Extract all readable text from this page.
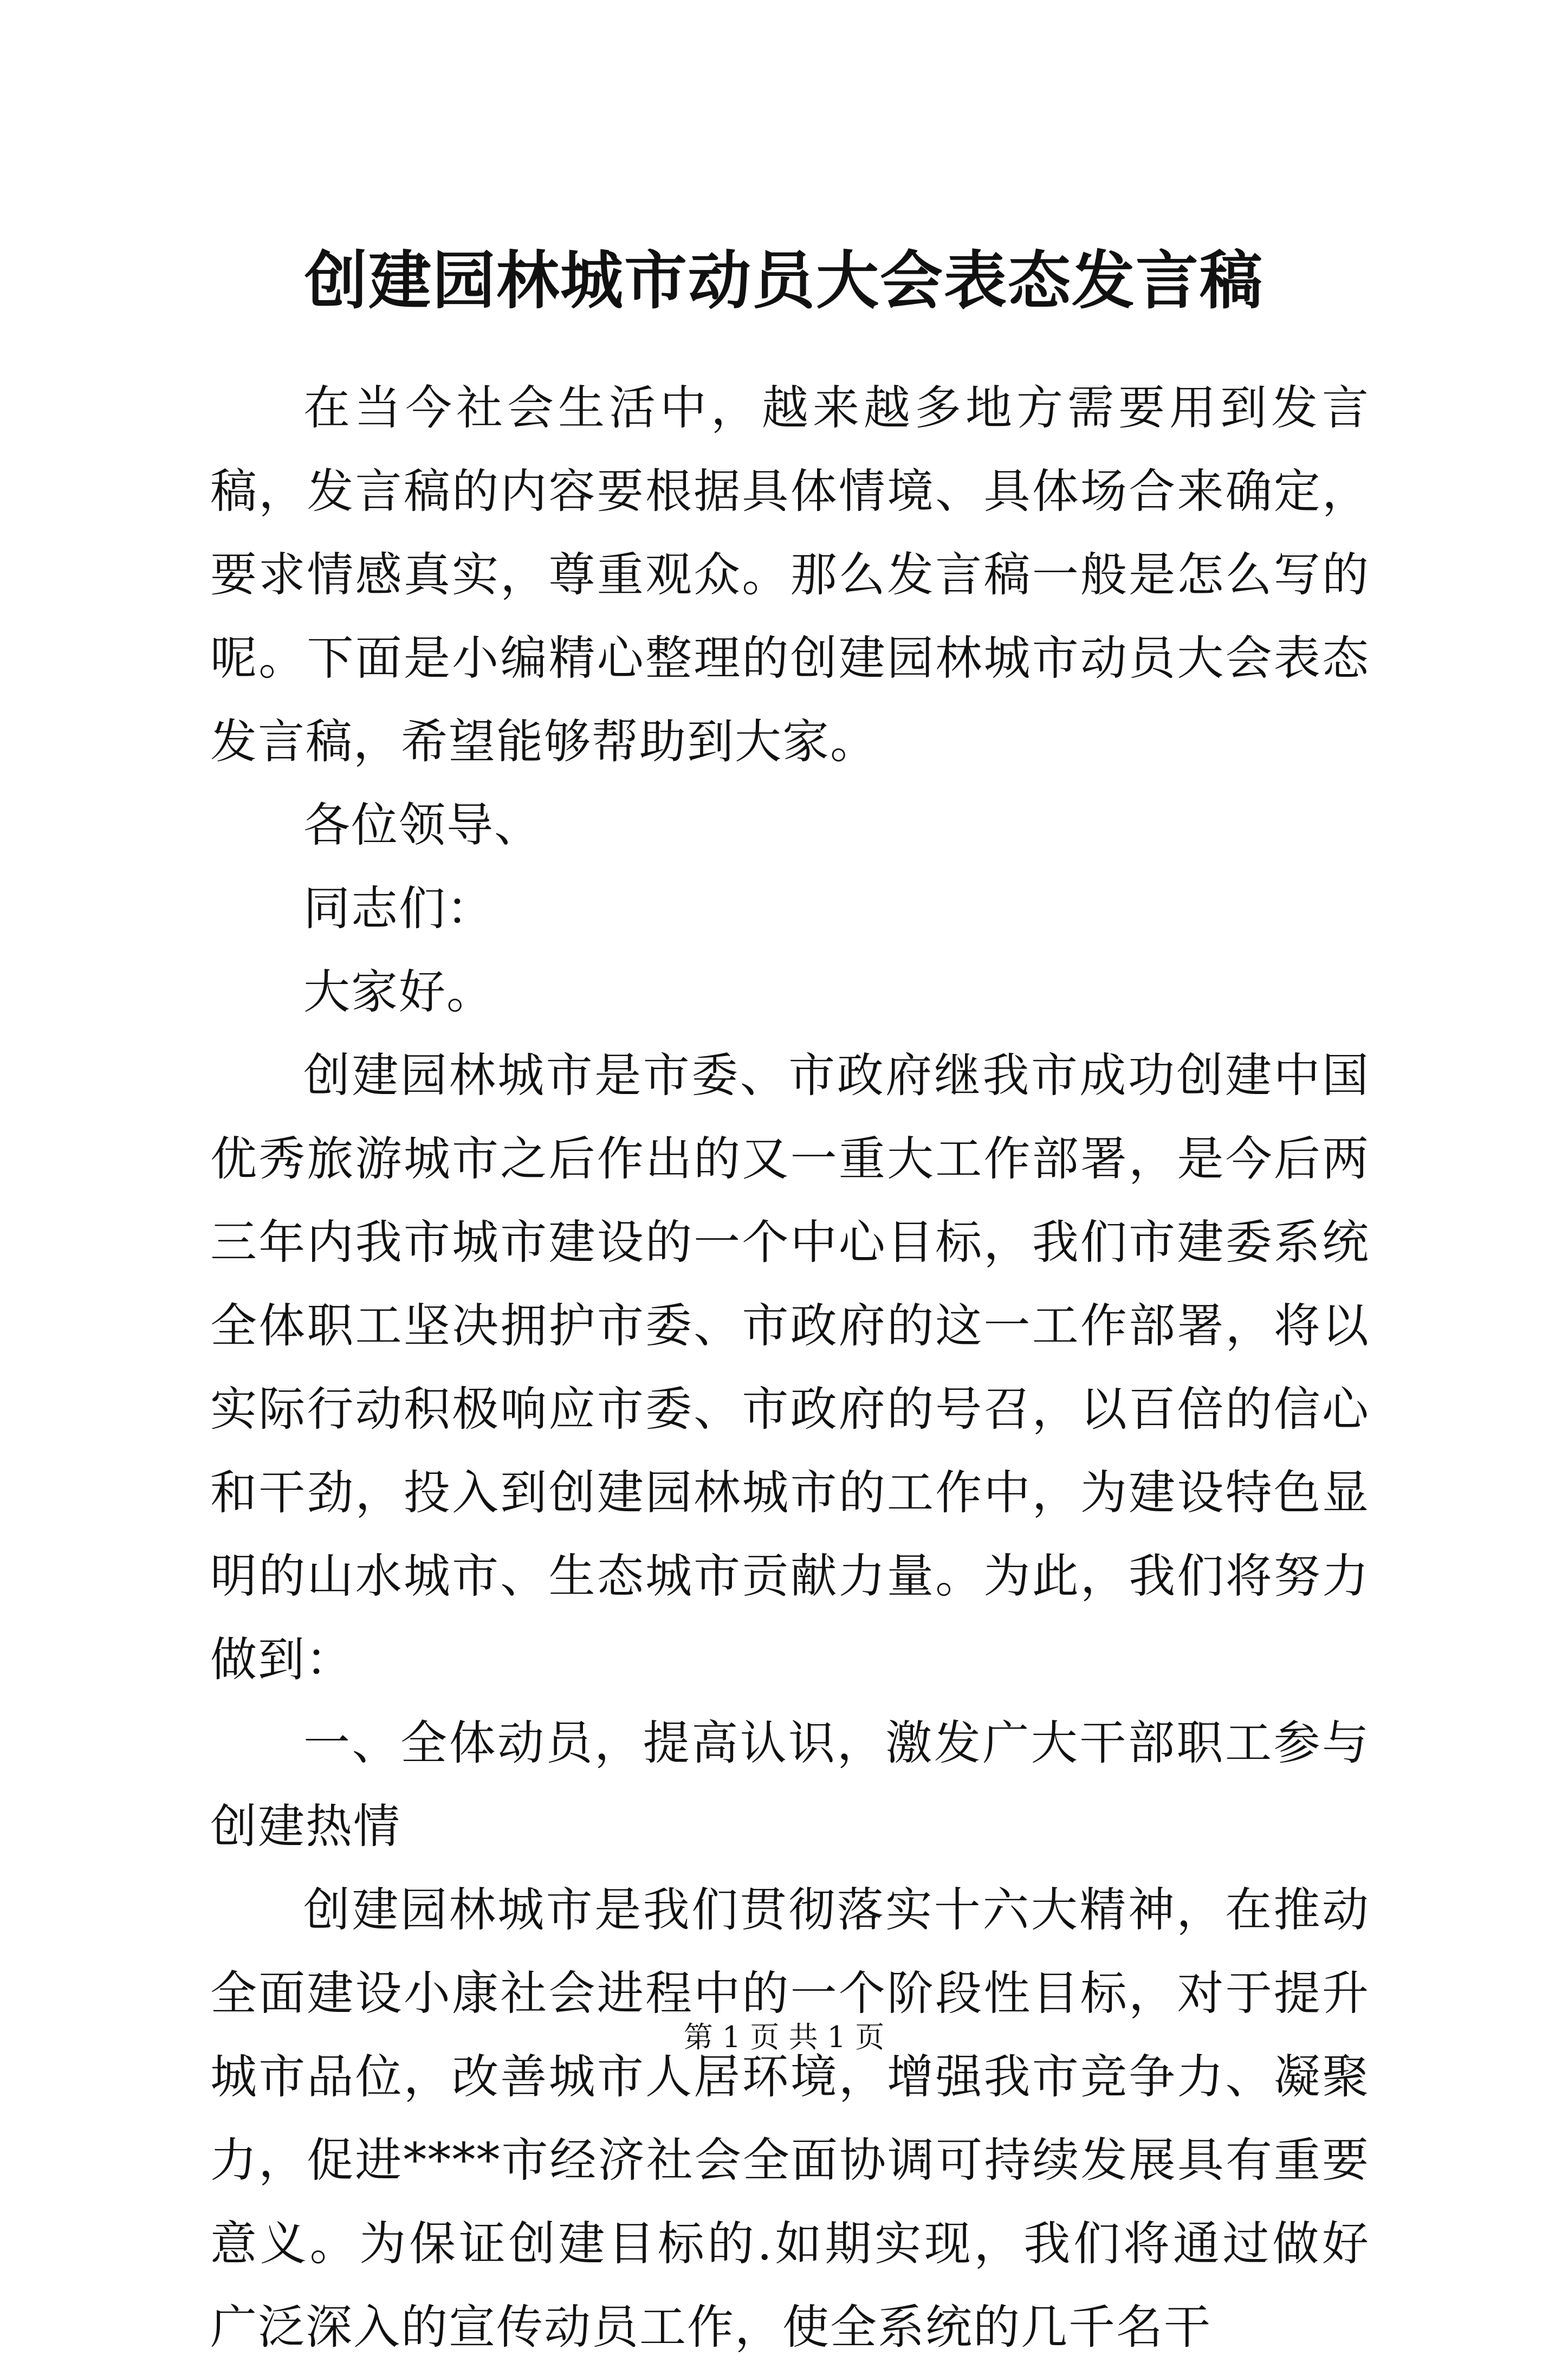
创建园林城市动员大会表态发言稿

在当今社会生活中，越来越多地方需要用到发言稿，发言稿的内容要根据具体情境、具体场合来确定，要求情感真实，尊重观众。那么发言稿一般是怎么写的呢。下面是小编精心整理的创建园林城市动员大会表态发言稿，希望能够帮助到大家。

各位领导、

同志们：

大家好。

创建园林城市是市委、市政府继我市成功创建中国优秀旅游城市之后作出的又一重大工作部署，是今后两三年内我市城市建设的一个中心目标，我们市建委系统全体职工坚决拥护市委、市政府的这一工作部署，将以实际行动积极响应市委、市政府的号召，以百倍的信心和干劲，投入到创建园林城市的工作中，为建设特色显明的山水城市、生态城市贡献力量。为此，我们将努力做到：

一、全体动员，提高认识，激发广大干部职工参与创建热情

创建园林城市是我们贯彻落实十六大精神，在推动全面建设小康社会进程中的一个阶段性目标，对于提升城市品位，改善城市人居环境，增强我市竞争力、凝聚力，促进****市经济社会全面协调可持续发展具有重要意义。为保证创建目标的.如期实现，我们将通过做好广泛深入的宣传动员工作，使全系统的几千名干

第 1 页 共 1 页
